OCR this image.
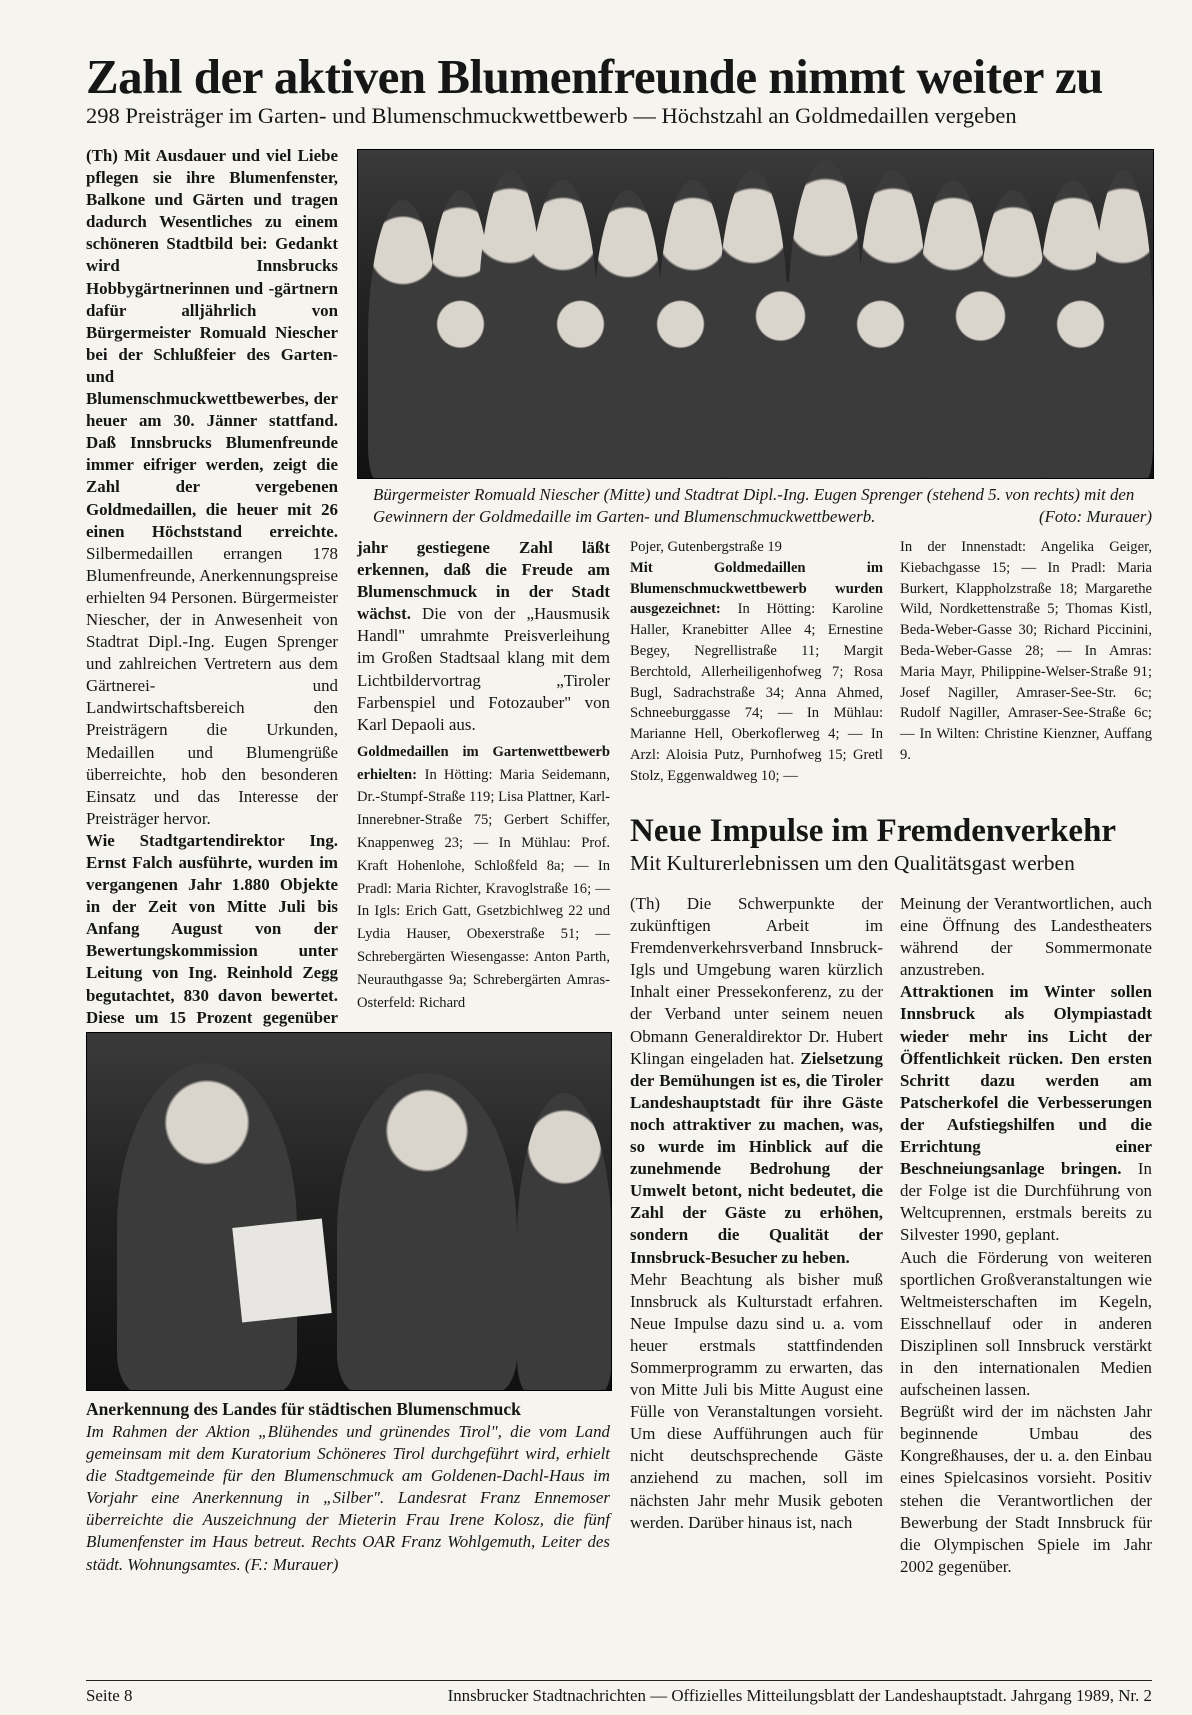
Zahl der aktiven Blumenfreunde nimmt weiter zu
298 Preisträger im Garten- und Blumenschmuckwettbewerb — Höchstzahl an Goldmedaillen vergeben

(Th) Mit Ausdauer und viel Liebe pflegen sie ihre Blumenfenster, Balkone und Gärten und tragen dadurch Wesentliches zu einem schöneren Stadtbild bei: Gedankt wird Innsbrucks Hobbygärtnerinnen und -gärtnern dafür alljährlich von Bürgermeister Romuald Niescher bei der Schlußfeier des Garten- und Blumenschmuckwettbewerbes, der heuer am 30. Jänner stattfand. Daß Innsbrucks Blumenfreunde immer eifriger werden, zeigt die Zahl der vergebenen Goldmedaillen, die heuer mit 26 einen Höchststand erreichte. Silbermedaillen errangen 178 Blumenfreunde, Anerkennungspreise erhielten 94 Personen. Bürgermeister Niescher, der in Anwesenheit von Stadtrat Dipl.-Ing. Eugen Sprenger und zahlreichen Vertretern aus dem Gärtnerei- und Landwirtschaftsbereich den Preisträgern die Urkunden, Medaillen und Blumengrüße überreichte, hob den besonderen Einsatz und das Interesse der Preisträger hervor.

Wie Stadtgartendirektor Ing. Ernst Falch ausführte, wurden im vergangenen Jahr 1.880 Objekte in der Zeit von Mitte Juli bis Anfang August von der Bewertungskommission unter Leitung von Ing. Reinhold Zegg begutachtet, 830 davon bewertet. Diese um 15 Prozent gegenüber

Bürgermeister Romuald Niescher (Mitte) und Stadtrat Dipl.-Ing. Eugen Sprenger (stehend 5. von rechts) mit den Gewinnern der Goldmedaille im Garten- und Blumenschmuckwettbewerb.	(Foto: Murauer)

jahr gestiegene Zahl läßt erkennen, daß die Freude am Blumenschmuck in der Stadt wächst. Die von der „Hausmusik Handl" umrahmte Preisverleihung im Großen Stadtsaal klang mit dem Lichtbildervortrag „Tiroler Farbenspiel und Fotozauber" von Karl Depaoli aus.

Goldmedaillen im Gartenwettbewerb erhielten: In Hötting: Maria Seidemann, Dr.-Stumpf-Straße 119; Lisa Plattner, Karl-Innerebner-Straße 75; Gerbert Schiffer, Knappenweg 23; — In Mühlau: Prof. Kraft Hohenlohe, Schloßfeld 8a; — In Pradl: Maria Richter, Kravoglstraße 16; — In Igls: Erich Gatt, Gsetzbichlweg 22 und Lydia Hauser, Obexerstraße 51; — Schrebergärten Wiesengasse: Anton Parth, Neurauthgasse 9a; Schrebergärten Amras-Osterfeld: Richard

Pojer, Gutenbergstraße 19

Mit Goldmedaillen im Blumenschmuckwettbewerb wurden ausgezeichnet: In Hötting: Karoline Haller, Kranebitter Allee 4; Ernestine Begey, Negrellistraße 11; Margit Berchtold, Allerheiligenhofweg 7; Rosa Bugl, Sadrachstraße 34; Anna Ahmed, Schneeburggasse 74; — In Mühlau: Marianne Hell, Oberkoflerweg 4; — In Arzl: Aloisia Putz, Purnhofweg 15; Gretl Stolz, Eggenwaldweg 10; —

In der Innenstadt: Angelika Geiger, Kiebachgasse 15; — In Pradl: Maria Burkert, Klappholzstraße 18; Margarethe Wild, Nordkettenstraße 5; Thomas Kistl, Beda-Weber-Gasse 30; Richard Piccinini, Beda-Weber-Gasse 28; — In Amras: Maria Mayr, Philippine-Welser-Straße 91; Josef Nagiller, Amraser-See-Str. 6c; Rudolf Nagiller, Amraser-See-Straße 6c; — In Wilten: Christine Kienzner, Auffang 9.

Anerkennung des Landes für städtischen Blumenschmuck
Im Rahmen der Aktion „Blühendes und grünendes Tirol", die vom Land gemeinsam mit dem Kuratorium Schöneres Tirol durchgeführt wird, erhielt die Stadtgemeinde für den Blumenschmuck am Goldenen-Dachl-Haus im Vorjahr eine Anerkennung in „Silber". Landesrat Franz Ennemoser überreichte die Auszeichnung der Mieterin Frau Irene Kolosz, die fünf Blumenfenster im Haus betreut. Rechts OAR Franz Wohlgemuth, Leiter des städt. Wohnungsamtes. (F.: Murauer)
Neue Impulse im Fremdenverkehr
Mit Kulturerlebnissen um den Qualitätsgast werben

(Th) Die Schwerpunkte der zukünftigen Arbeit im Fremdenverkehrsverband Innsbruck-Igls und Umgebung waren kürzlich Inhalt einer Pressekonferenz, zu der der Verband unter seinem neuen Obmann Generaldirektor Dr. Hubert Klingan eingeladen hat. Zielsetzung der Bemühungen ist es, die Tiroler Landeshauptstadt für ihre Gäste noch attraktiver zu machen, was, so wurde im Hinblick auf die zunehmende Bedrohung der Umwelt betont, nicht bedeutet, die Zahl der Gäste zu erhöhen, sondern die Qualität der Innsbruck-Besucher zu heben.

Mehr Beachtung als bisher muß Innsbruck als Kulturstadt erfahren. Neue Impulse dazu sind u. a. vom heuer erstmals stattfindenden Sommerprogramm zu erwarten, das von Mitte Juli bis Mitte August eine Fülle von Veranstaltungen vorsieht. Um diese Aufführungen auch für nicht deutschsprechende Gäste anziehend zu machen, soll im nächsten Jahr mehr Musik geboten werden. Darüber hinaus ist, nach

Meinung der Verantwortlichen, auch eine Öffnung des Landestheaters während der Sommermonate anzustreben.

Attraktionen im Winter sollen Innsbruck als Olympiastadt wieder mehr ins Licht der Öffentlichkeit rücken. Den ersten Schritt dazu werden am Patscherkofel die Verbesserungen der Aufstiegshilfen und die Errichtung einer Beschneiungsanlage bringen. In der Folge ist die Durchführung von Weltcuprennen, erstmals bereits zu Silvester 1990, geplant.

Auch die Förderung von weiteren sportlichen Großveranstaltungen wie Weltmeisterschaften im Kegeln, Eisschnellauf oder in anderen Disziplinen soll Innsbruck verstärkt in den internationalen Medien aufscheinen lassen.

Begrüßt wird der im nächsten Jahr beginnende Umbau des Kongreßhauses, der u. a. den Einbau eines Spielcasinos vorsieht. Positiv stehen die Verantwortlichen der Bewerbung der Stadt Innsbruck für die Olympischen Spiele im Jahr 2002 gegenüber.

Seite 8	Innsbrucker Stadtnachrichten — Offizielles Mitteilungsblatt der Landeshauptstadt. Jahrgang 1989, Nr. 2
